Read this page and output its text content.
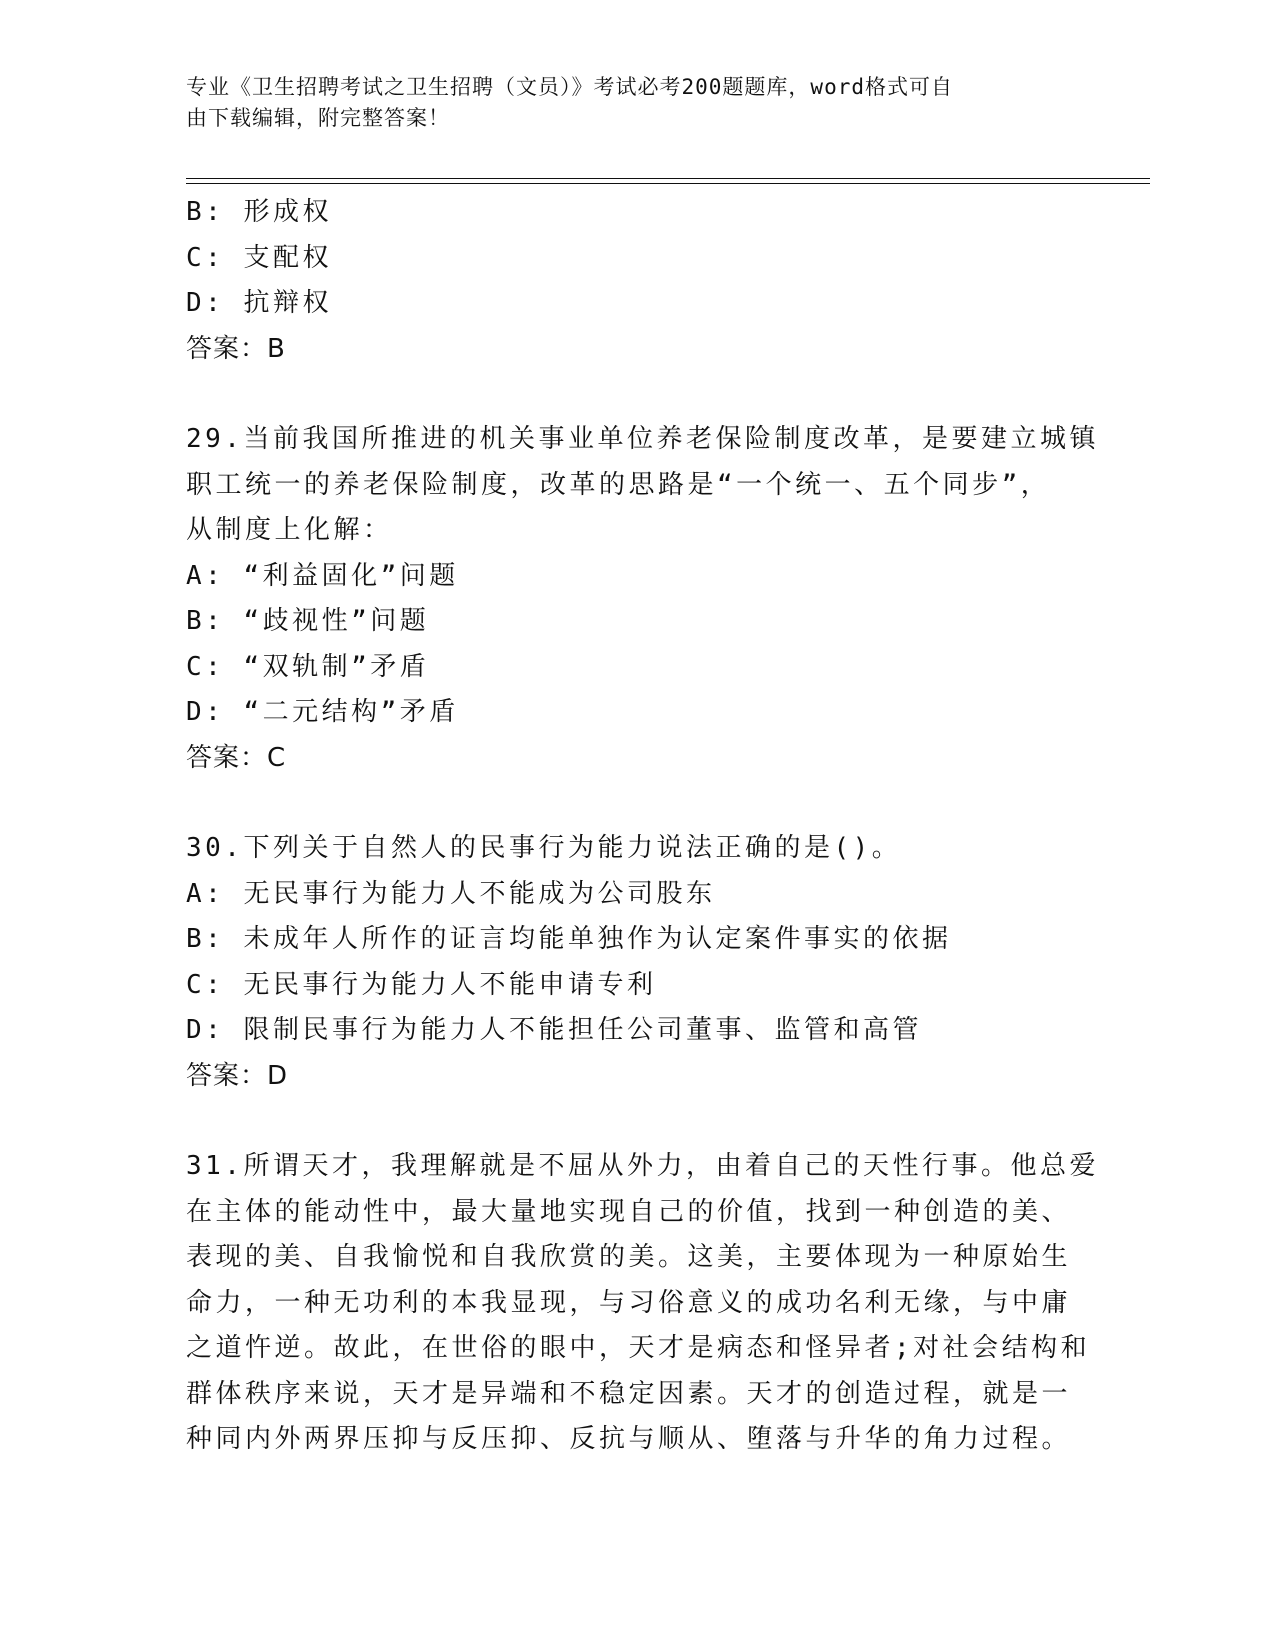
专业《卫生招聘考试之卫生招聘（文员）》考试必考200题题库，word格式可自
由下载编辑，附完整答案！
B: 形成权
C: 支配权
D: 抗辩权
答案：B
29.当前我国所推进的机关事业单位养老保险制度改革，是要建立城镇
职工统一的养老保险制度，改革的思路是“一个统一、五个同步”，
从制度上化解：
A: “利益固化”问题
B: “歧视性”问题
C: “双轨制”矛盾
D: “二元结构”矛盾
答案：C
30.下列关于自然人的民事行为能力说法正确的是()。
A: 无民事行为能力人不能成为公司股东
B: 未成年人所作的证言均能单独作为认定案件事实的依据
C: 无民事行为能力人不能申请专利
D: 限制民事行为能力人不能担任公司董事、监管和高管
答案：D
31.所谓天才，我理解就是不屈从外力，由着自己的天性行事。他总爱
在主体的能动性中，最大量地实现自己的价值，找到一种创造的美、
表现的美、自我愉悦和自我欣赏的美。这美，主要体现为一种原始生
命力，一种无功利的本我显现，与习俗意义的成功名利无缘，与中庸
之道忤逆。故此，在世俗的眼中，天才是病态和怪异者;对社会结构和
群体秩序来说，天才是异端和不稳定因素。天才的创造过程，就是一
种同内外两界压抑与反压抑、反抗与顺从、堕落与升华的角力过程。
